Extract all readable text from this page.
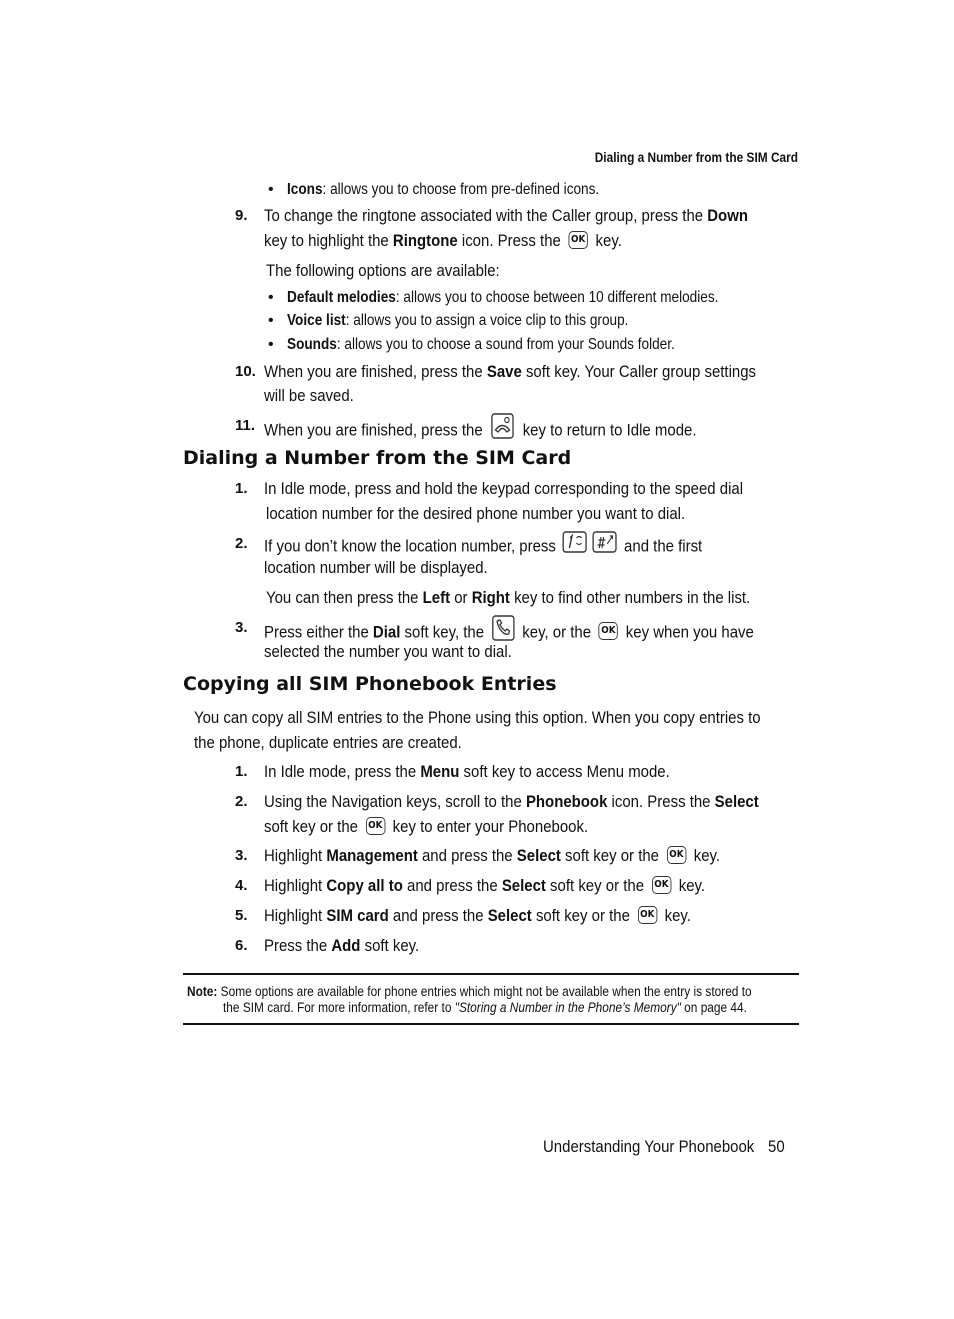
Dialing a Number from the SIM Card
• Icons: allows you to choose from pre-defined icons.
9. To change the ringtone associated with the Caller group, press the Down
key to highlight the Ringtone icon. Press the OK key.
The following options are available:
• Default melodies: allows you to choose between 10 different melodies.
• Voice list: allows you to assign a voice clip to this group.
• Sounds: allows you to choose a sound from your Sounds folder.
10. When you are finished, press the Save soft key. Your Caller group settings
will be saved.
11. When you are finished, press the  key to return to Idle mode.
Dialing a Number from the SIM Card
1. In Idle mode, press and hold the keypad corresponding to the speed dial
location number for the desired phone number you want to dial.
2. If you don’t know the location number, press	and the first
location number will be displayed.
You can then press the Left or Right key to find other numbers in the list.
3. Press either the Dial soft key, the  key, or the OK key when you have
selected the number you want to dial.
Copying all SIM Phonebook Entries
You can copy all SIM entries to the Phone using this option. When you copy entries to
the phone, duplicate entries are created.
1. In Idle mode, press the Menu soft key to access Menu mode.
2. Using the Navigation keys, scroll to the Phonebook icon. Press the Select
soft key or the OK key to enter your Phonebook.
3. Highlight Management and press the Select soft key or the OK key.
4. Highlight Copy all to and press the Select soft key or the OK key.
5. Highlight SIM card and press the Select soft key or the OK key.
6. Press the Add soft key.
Note: Some options are available for phone entries which might not be available when the entry is stored to
the SIM card. For more information, refer to "Storing a Number in the Phone’s Memory" on page 44.
Understanding Your Phonebook 50
